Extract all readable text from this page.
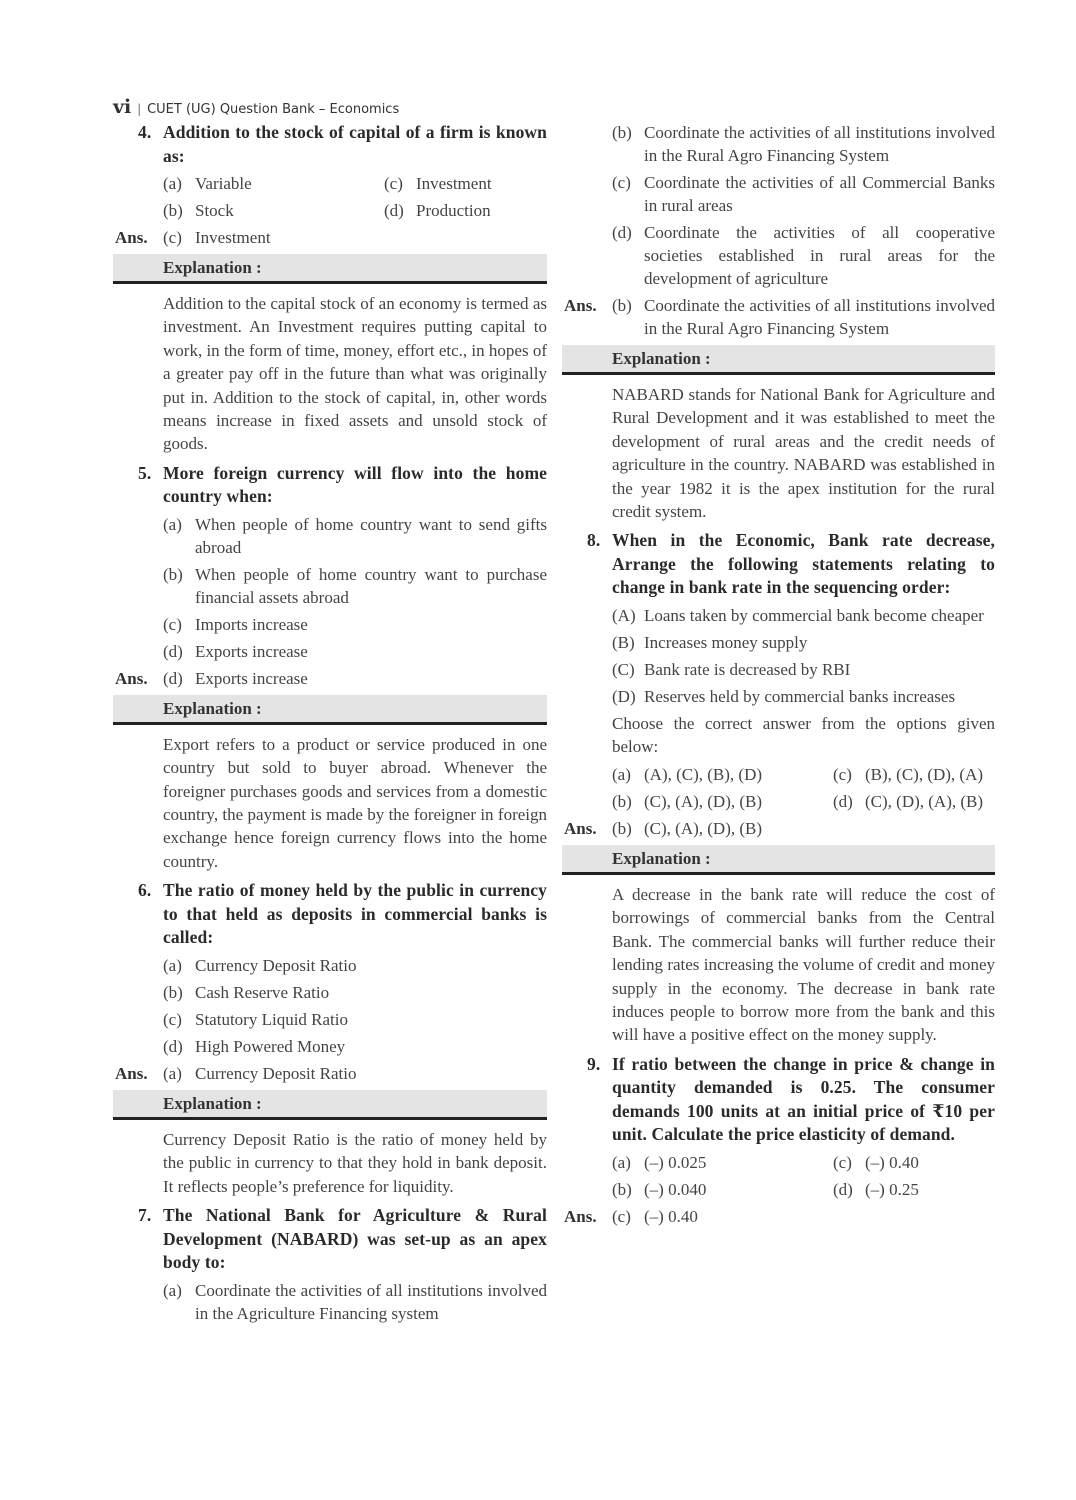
vi | CUET (UG) Question Bank – Economics
4. Addition to the stock of capital of a firm is known as:
(a) Variable	(c) Investment
(b) Stock	(d) Production
Ans. (c) Investment
Explanation :
Addition to the capital stock of an economy is termed as investment. An Investment requires putting capital to work, in the form of time, money, effort etc., in hopes of a greater pay off in the future than what was originally put in. Addition to the stock of capital, in, other words means increase in fixed assets and unsold stock of goods.
5. More foreign currency will flow into the home country when:
(a) When people of home country want to send gifts abroad
(b) When people of home country want to purchase financial assets abroad
(c) Imports increase
(d) Exports increase
Ans. (d) Exports increase
Explanation :
Export refers to a product or service produced in one country but sold to buyer abroad. Whenever the foreigner purchases goods and services from a domestic country, the payment is made by the foreigner in foreign exchange hence foreign currency flows into the home country.
6. The ratio of money held by the public in currency to that held as deposits in commercial banks is called:
(a) Currency Deposit Ratio
(b) Cash Reserve Ratio
(c) Statutory Liquid Ratio
(d) High Powered Money
Ans. (a) Currency Deposit Ratio
Explanation :
Currency Deposit Ratio is the ratio of money held by the public in currency to that they hold in bank deposit. It reflects people’s preference for liquidity.
7. The National Bank for Agriculture & Rural Development (NABARD) was set-up as an apex body to:
(a) Coordinate the activities of all institutions involved in the Agriculture Financing system
(b) Coordinate the activities of all institutions involved in the Rural Agro Financing System
(c) Coordinate the activities of all Commercial Banks in rural areas
(d) Coordinate the activities of all cooperative societies established in rural areas for the development of agriculture
Ans. (b) Coordinate the activities of all institutions involved in the Rural Agro Financing System
Explanation :
NABARD stands for National Bank for Agriculture and Rural Development and it was established to meet the development of rural areas and the credit needs of agriculture in the country. NABARD was established in the year 1982 it is the apex institution for the rural credit system.
8. When in the Economic, Bank rate decrease, Arrange the following statements relating to change in bank rate in the sequencing order:
(A) Loans taken by commercial bank become cheaper
(B) Increases money supply
(C) Bank rate is decreased by RBI
(D) Reserves held by commercial banks increases
Choose the correct answer from the options given below:
(a) (A), (C), (B), (D)	(c) (B), (C), (D), (A)
(b) (C), (A), (D), (B)	(d) (C), (D), (A), (B)
Ans. (b) (C), (A), (D), (B)
Explanation :
A decrease in the bank rate will reduce the cost of borrowings of commercial banks from the Central Bank. The commercial banks will further reduce their lending rates increasing the volume of credit and money supply in the economy. The decrease in bank rate induces people to borrow more from the bank and this will have a positive effect on the money supply.
9. If ratio between the change in price & change in quantity demanded is 0.25. The consumer demands 100 units at an initial price of ₹10 per unit. Calculate the price elasticity of demand.
(a) (–) 0.025	(c) (–) 0.40
(b) (–) 0.040	(d) (–) 0.25
Ans. (c) (–) 0.40
